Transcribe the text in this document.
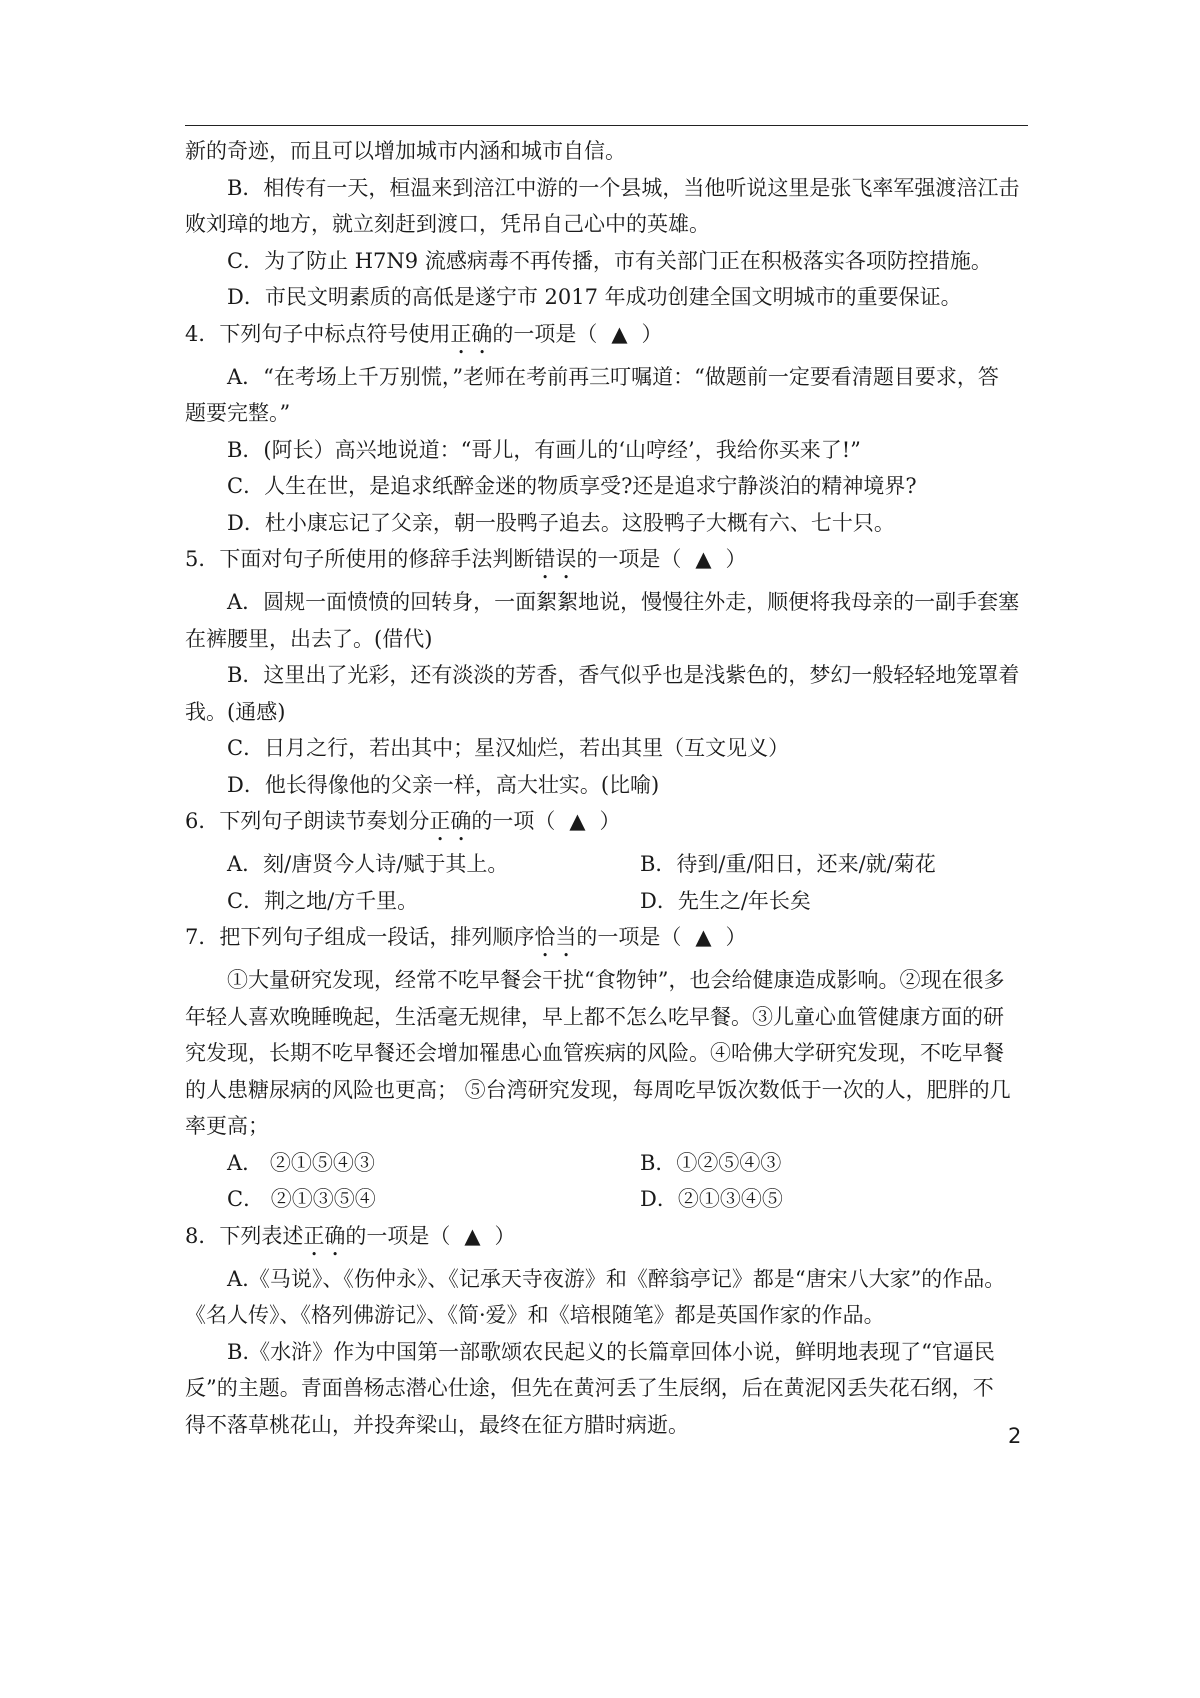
新的奇迹，而且可以增加城市内涵和城市自信。

B．相传有一天，桓温来到涪江中游的一个县城，当他听说这里是张飞率军强渡涪江击

败刘璋的地方，就立刻赶到渡口，凭吊自己心中的英雄。

C．为了防止 H7N9 流感病毒不再传播，市有关部门正在积极落实各项防控措施。

D．市民文明素质的高低是遂宁市 2017 年成功创建全国文明城市的重要保证。

4．下列句子中标点符号使用正确的一项是（ ▲ ）

A．“在考场上千万别慌，”老师在考前再三叮嘱道：“做题前一定要看清题目要求，答

题要完整。”

B．(阿长）高兴地说道：“哥儿，有画儿的‘山哼经’，我给你买来了!”

C．人生在世，是追求纸醉金迷的物质享受?还是追求宁静淡泊的精神境界?

D．杜小康忘记了父亲，朝一股鸭子追去。这股鸭子大概有六、七十只。

5．下面对句子所使用的修辞手法判断错误的一项是（ ▲ ）

A．圆规一面愤愤的回转身，一面絮絮地说，慢慢往外走，顺便将我母亲的一副手套塞

在裤腰里，出去了。(借代)

B．这里出了光彩，还有淡淡的芳香，香气似乎也是浅紫色的，梦幻一般轻轻地笼罩着

我。(通感)

C．日月之行，若出其中；星汉灿烂，若出其里（互文见义）

D．他长得像他的父亲一样，高大壮实。(比喻)

6．下列句子朗读节奏划分正确的一项（ ▲ ）

A．刻/唐贤今人诗/赋于其上。	B．待到/重/阳日，还来/就/菊花
C．荆之地/方千里。	D．先生之/年长矣

7．把下列句子组成一段话，排列顺序恰当的一项是（ ▲ ）

①大量研究发现，经常不吃早餐会干扰“食物钟”，也会给健康造成影响。②现在很多

年轻人喜欢晚睡晚起，生活毫无规律，早上都不怎么吃早餐。③儿童心血管健康方面的研

究发现，长期不吃早餐还会增加罹患心血管疾病的风险。④哈佛大学研究发现，不吃早餐

的人患糖尿病的风险也更高； ⑤台湾研究发现，每周吃早饭次数低于一次的人，肥胖的几

率更高；

A． ②①⑤④③	B．①②⑤④③
C． ②①③⑤④	D．②①③④⑤

8．下列表述正确的一项是（ ▲ ）

A.《马说》、《伤仲永》、《记承天寺夜游》和《醉翁亭记》都是“唐宋八大家”的作品。

《名人传》、《格列佛游记》、《简·爱》和《培根随笔》都是英国作家的作品。

B.《水浒》作为中国第一部歌颂农民起义的长篇章回体小说，鲜明地表现了“官逼民

反”的主题。青面兽杨志潜心仕途，但先在黄河丢了生辰纲，后在黄泥冈丢失花石纲，不

得不落草桃花山，并投奔梁山，最终在征方腊时病逝。	2
